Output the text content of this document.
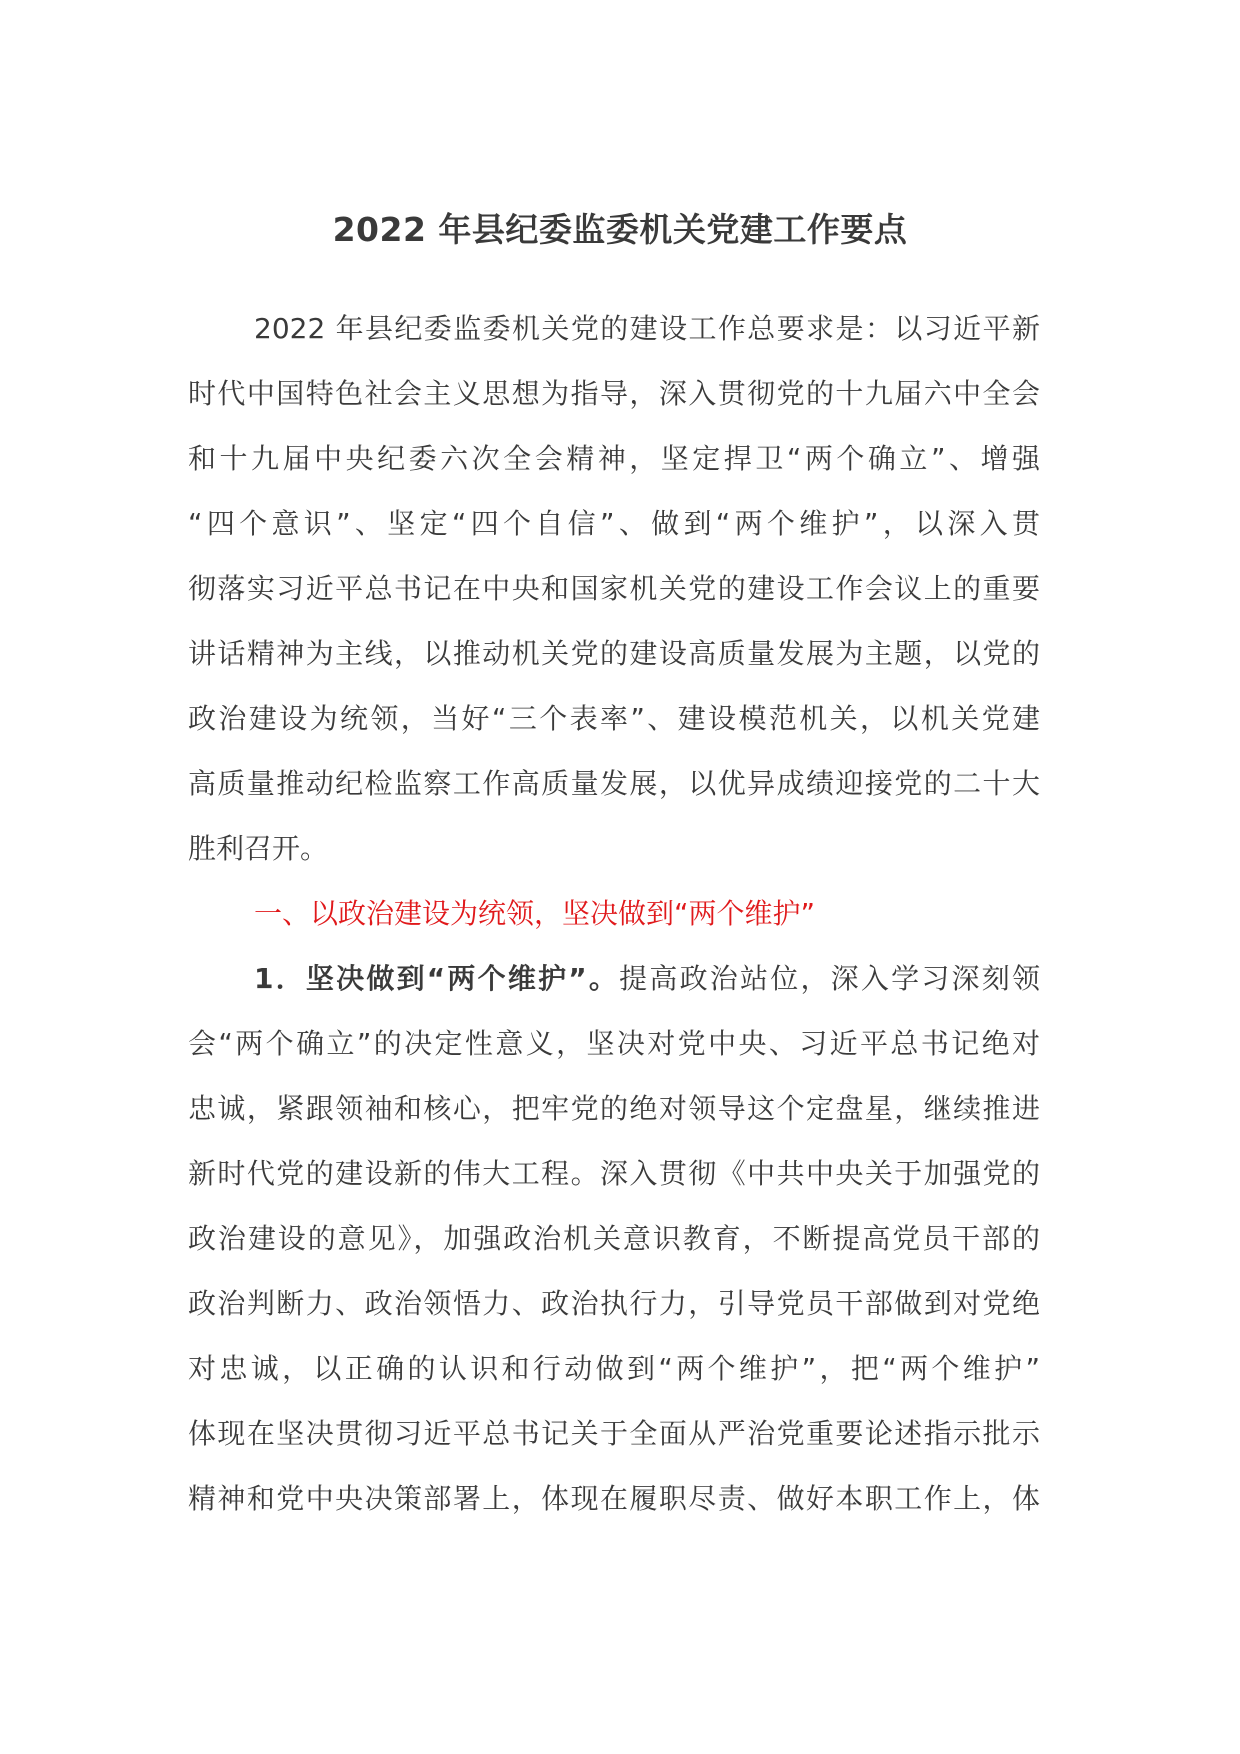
2022 年县纪委监委机关党建工作要点
2022 年县纪委监委机关党的建设工作总要求是：以习近平新
时代中国特色社会主义思想为指导，深入贯彻党的十九届六中全会
和十九届中央纪委六次全会精神，坚定捍卫“两个确立”、增强
“四个意识”、坚定“四个自信”、做到“两个维护”，以深入贯
彻落实习近平总书记在中央和国家机关党的建设工作会议上的重要
讲话精神为主线，以推动机关党的建设高质量发展为主题，以党的
政治建设为统领，当好“三个表率”、建设模范机关，以机关党建
高质量推动纪检监察工作高质量发展，以优异成绩迎接党的二十大
胜利召开。
一、以政治建设为统领，坚决做到“两个维护”
1．坚决做到“两个维护”。提高政治站位，深入学习深刻领
会“两个确立”的决定性意义，坚决对党中央、习近平总书记绝对
忠诚，紧跟领袖和核心，把牢党的绝对领导这个定盘星，继续推进
新时代党的建设新的伟大工程。深入贯彻《中共中央关于加强党的
政治建设的意见》，加强政治机关意识教育，不断提高党员干部的
政治判断力、政治领悟力、政治执行力，引导党员干部做到对党绝
对忠诚，以正确的认识和行动做到“两个维护”，把“两个维护”
体现在坚决贯彻习近平总书记关于全面从严治党重要论述指示批示
精神和党中央决策部署上，体现在履职尽责、做好本职工作上，体
